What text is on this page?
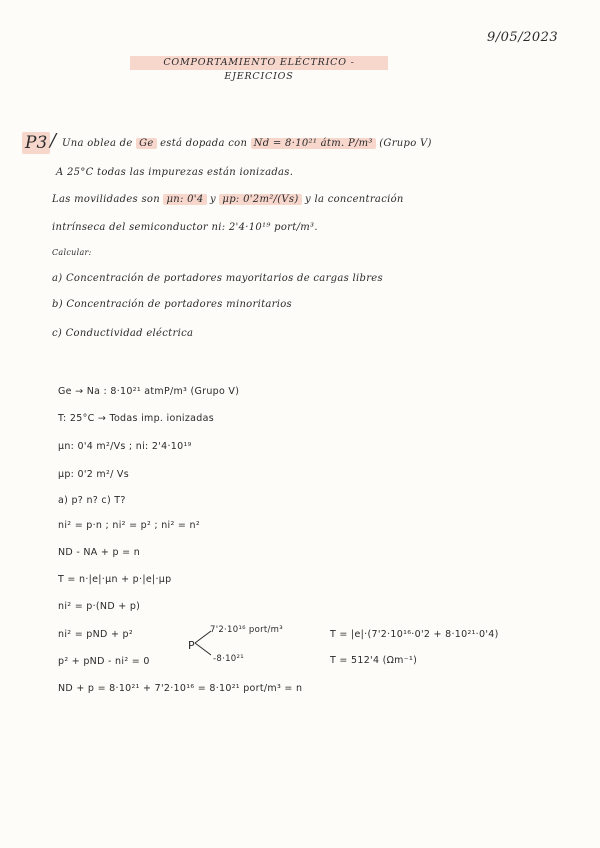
9/05/2023
COMPORTAMIENTO ELÉCTRICO - EJERCICIOS
P3 / Una oblea de Ge está dopada con Nd = 8·10²¹ átm. P/m³ (Grupo V)
A 25°C todas las impurezas están ionizadas.
Las movilidades son μn: 0'4 y μp: 0'2m²/(Vs) y la concentración
intrínseca del semiconductor ni: 2'4·10¹⁹ port/m³.
Calcular:
a) Concentración de portadores mayoritarios de cargas libres
b) Concentración de portadores minoritarios
c) Conductividad eléctrica
Ge → Na : 8·10²¹ atmP/m³ (Grupo V)
T: 25°C → Todas imp. ionizadas
μn: 0'4 m²/Vs ; ni: 2'4·10¹⁹
μp: 0'2 m²/ Vs
a) p? n? c) T?
ni² = p·n ; ni² = p² ; ni² = n²
ND - NA + p = n
T = n·|e|·μn + p·|e|·μp
ni² = p·(ND + p)
ni² = pND + p²
p² + pND - ni² = 0
ND + p = 8·10²¹ + 7'2·10¹⁶ = 8·10²¹ port/m³ = n
P
7'2·10¹⁶ port/m³
-8·10²¹
T = |e|·(7'2·10¹⁶·0'2 + 8·10²¹·0'4)
T = 512'4 (Ωm⁻¹)
